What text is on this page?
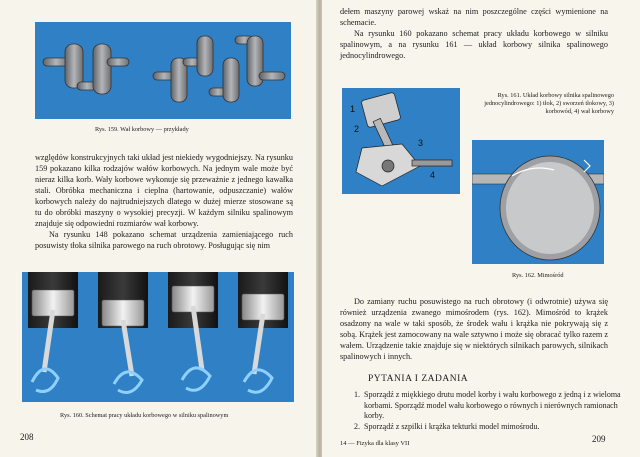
Rys. 159. Wał korbowy — przykłady

względów konstrukcyjnych taki układ jest niekiedy wygodniejszy. Na rysunku 159 pokazano kilka rodzajów wałów korbowych. Na jednym wale może być nieraz kilka korb. Wały korbowe wykonuje się przeważnie z jednego kawałka stali. Obróbka mechaniczna i cieplna (hartowanie, odpuszczanie) wałów korbowych należy do najtrudniejszych dlatego w dużej mierze stosowane są tu do obróbki maszyny o wysokiej precyzji. W każdym silniku spalinowym znajduje się odpowiedni rozmiarów wał korbowy.

Na rysunku 148 pokazano schemat urządzenia zamieniającego ruch posuwisty tłoka silnika parowego na ruch obrotowy. Posługując się nim

Rys. 160. Schemat pracy układu korbowego w silniku spalinowym
208

dełem maszyny parowej wskaż na nim poszczególne części wymienione na schemacie.

Na rysunku 160 pokazano schemat pracy układu korbowego w silniku spalinowym, a na rysunku 161 — układ korbowy silnika spalinowego jednocylindrowego.

1
2
3
4
Rys. 161. Układ korbowy silnika spalinowego jednocylindrowego: 1) tłok, 2) sworzeń tłokowy, 3) korbowód, 4) wał korbowy
Rys. 162. Mimośród

Do zamiany ruchu posuwistego na ruch obrotowy (i odwrotnie) używa się również urządzenia zwanego mimośrodem (rys. 162). Mimośród to krążek osadzony na wale w taki sposób, że środek wału i krążka nie pokrywają się z sobą. Krążek jest zamocowany na wale sztywno i może się obracać tylko razem z wałem. Urządzenie takie znajduje się w niektórych silnikach parowych, silnikach spalinowych i innych.

PYTANIA I ZADANIA
1. Sporządź z miękkiego drutu model korby i wału korbowego z jedną i z wieloma korbami. Sporządź model wału korbowego o równych i nierównych ramionach korby.
2. Sporządź z szpilki i krążka tekturki model mimośrodu.
14 — Fizyka dla klasy VII	209
